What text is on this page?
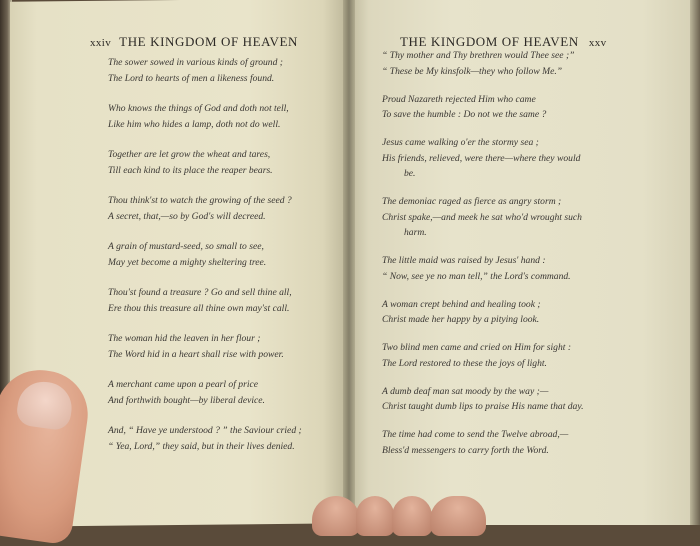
xxiv THE KINGDOM OF HEAVEN	THE KINGDOM OF HEAVEN xxv
The sower sowed in various kinds of ground ;
The Lord to hearts of men a likeness found.
Who knows the things of God and doth not tell,
Like him who hides a lamp, doth not do well.
Together are let grow the wheat and tares,
Till each kind to its place the reaper bears.
Thou think'st to watch the growing of the seed ?
A secret, that,—so by God's will decreed.
A grain of mustard-seed, so small to see,
May yet become a mighty sheltering tree.
Thou'st found a treasure ? Go and sell thine all,
Ere thou this treasure all thine own may'st call.
The woman hid the leaven in her flour ;
The Word hid in a heart shall rise with power.
A merchant came upon a pearl of price
And forthwith bought—by liberal device.
And, “ Have ye understood ? ” the Saviour cried ;
“ Yea, Lord,” they said, but in their lives denied.
“ Thy mother and Thy brethren would Thee see ;”
“ These be My kinsfolk—they who follow Me.”
Proud Nazareth rejected Him who came
To save the humble : Do not we the same ?
Jesus came walking o'er the stormy sea ;
His friends, relieved, were there—where they would
be.
The demoniac raged as fierce as angry storm ;
Christ spake,—and meek he sat who'd wrought such
harm.
The little maid was raised by Jesus' hand :
“ Now, see ye no man tell,” the Lord's command.
A woman crept behind and healing took ;
Christ made her happy by a pitying look.
Two blind men came and cried on Him for sight :
The Lord restored to these the joys of light.
A dumb deaf man sat moody by the way ;—
Christ taught dumb lips to praise His name that day.
The time had come to send the Twelve abroad,—
Bless'd messengers to carry forth the Word.
